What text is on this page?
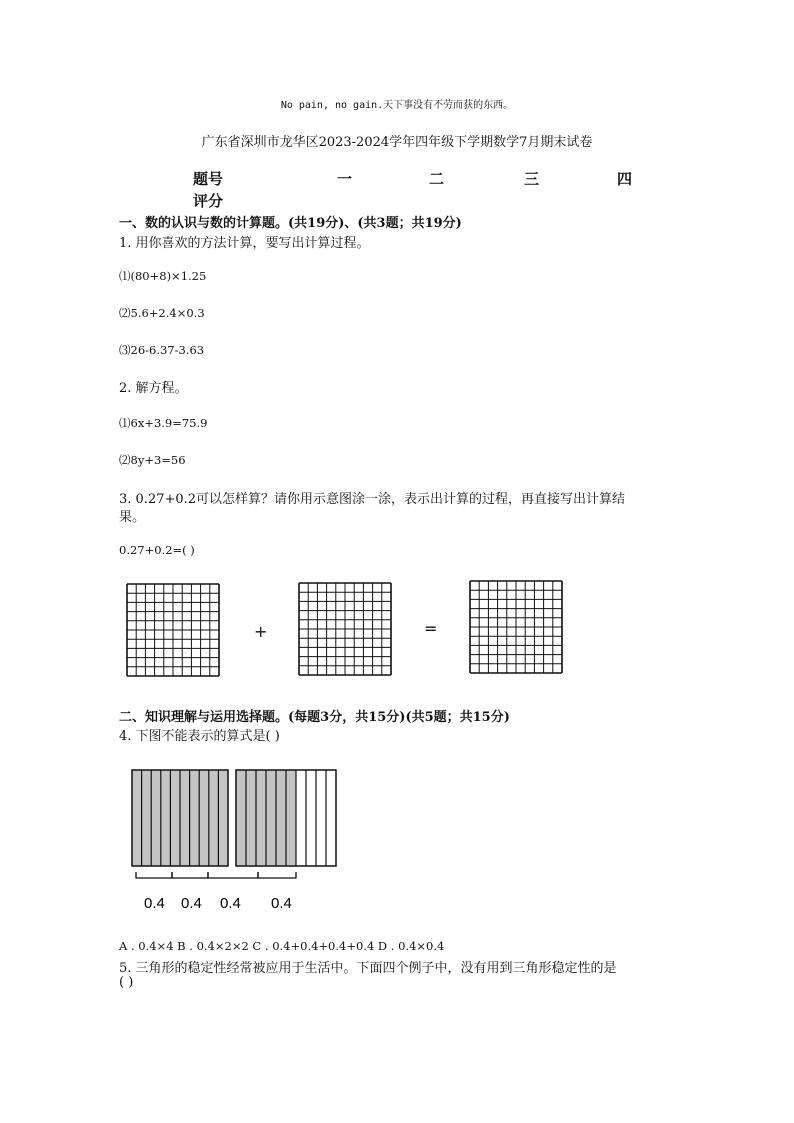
No pain, no gain.天下事没有不劳而获的东西。
广东省深圳市龙华区2023-2024学年四年级下学期数学7月期末试卷
题号	一	二	三	四
评分
一、数的认识与数的计算题。(共19分)、(共3题；共19分)
1. 用你喜欢的方法计算，要写出计算过程。
⑴(80+8)×1.25
⑵5.6+2.4×0.3
⑶26-6.37-3.63
2. 解方程。
⑴6x+3.9=75.9
⑵8y+3=56
3. 0.27+0.2可以怎样算？请你用示意图涂一涂，表示出计算的过程，再直接写出计算结
果。
0.27+0.2=( )
+	=
二、知识理解与运用选择题。(每题3分，共15分)(共5题；共15分)
4. 下图不能表示的算式是( )
0.4 0.4 0.4 0.4
A . 0.4×4 B . 0.4×2×2 C . 0.4+0.4+0.4+0.4 D . 0.4×0.4
5. 三角形的稳定性经常被应用于生活中。下面四个例子中，没有用到三角形稳定性的是
( )
